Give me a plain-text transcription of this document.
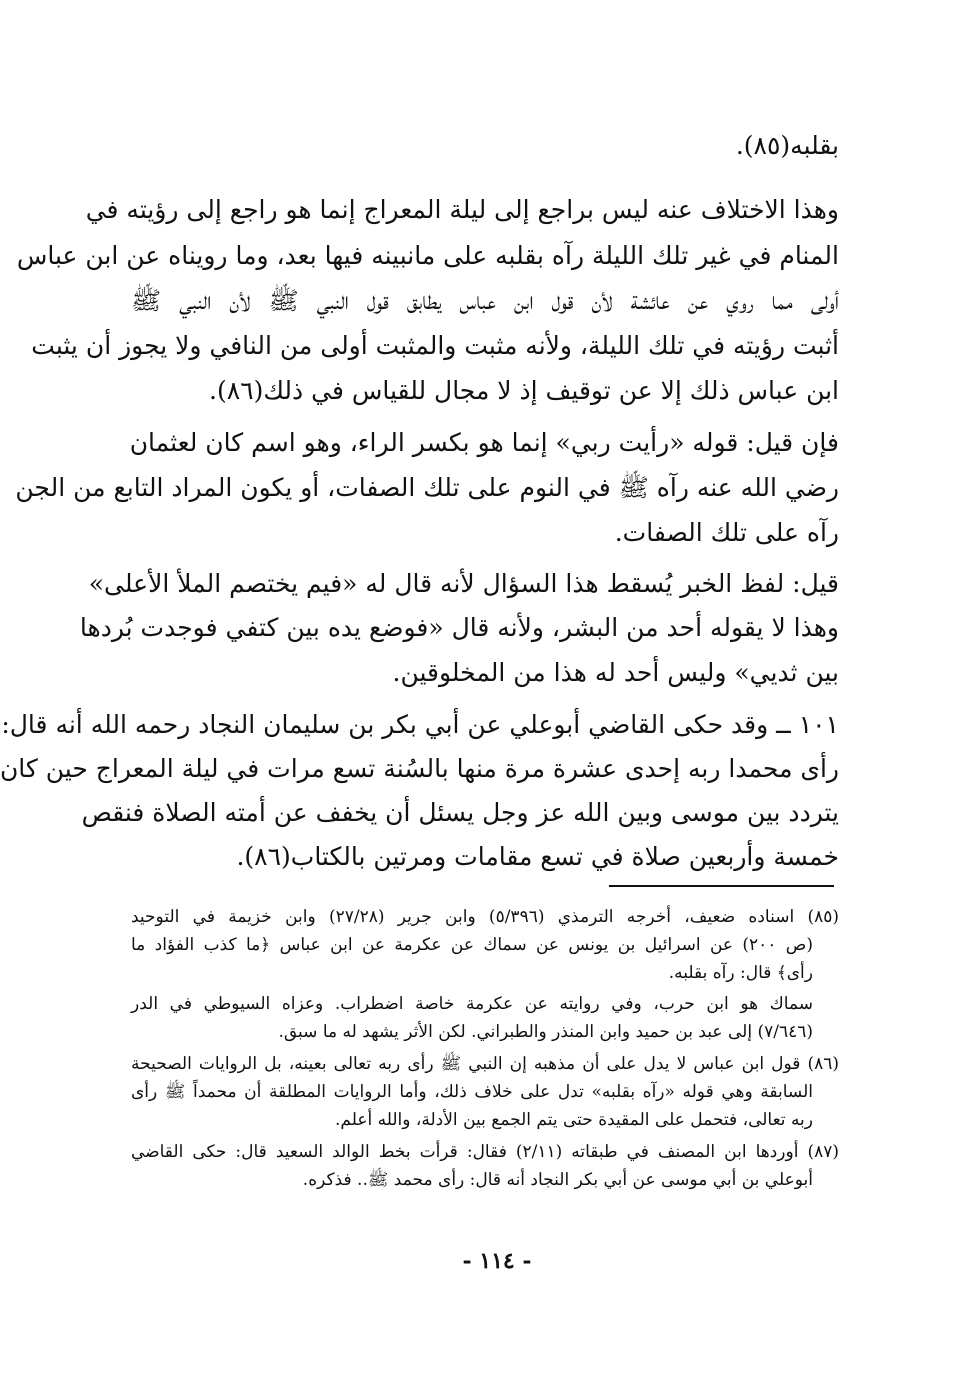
بقلبه(٨٥).
وهذا الاختلاف عنه ليس براجع إلى ليلة المعراج إنما هو راجع إلى رؤيته في
المنام في غير تلك الليلة رآه بقلبه على مانبينه فيها بعد، وما رويناه عن ابن عباس
أولى مما روي عن عائشة لأن قول ابن عباس يطابق قول النبي ﷺ لأن النبي ﷺ
أثبت رؤيته في تلك الليلة، ولأنه مثبت والمثبت أولى من النافي ولا يجوز أن يثبت
ابن عباس ذلك إلا عن توقيف إذ لا مجال للقياس في ذلك(٨٦).
فإن قيل: قوله «رأيت ربي» إنما هو بكسر الراء، وهو اسم كان لعثمان
رضي الله عنه رآه ﷺ في النوم على تلك الصفات، أو يكون المراد التابع من الجن
رآه على تلك الصفات.
قيل: لفظ الخبر يُسقط هذا السؤال لأنه قال له «فيم يختصم الملأ الأعلى»
وهذا لا يقوله أحد من البشر، ولأنه قال «فوضع يده بين كتفي فوجدت بُردها
بين ثديي» وليس أحد له هذا من المخلوقين.
١٠١ ــ وقد حكى القاضي أبوعلي عن أبي بكر بن سليمان النجاد رحمه الله أنه قال:
رأى محمدا ربه إحدى عشرة مرة منها بالسُنة تسع مرات في ليلة المعراج حين كان
يتردد بين موسى وبين الله عز وجل يسئل أن يخفف عن أمته الصلاة فنقص
خمسة وأربعين صلاة في تسع مقامات ومرتين بالكتاب(٨٦).
(٨٥) اسناده ضعيف، أخرجه الترمذي (٥/٣٩٦) وابن جرير (٢٧/٢٨) وابن خزيمة في التوحيد
(ص ٢٠٠) عن اسرائيل بن يونس عن سماك عن عكرمة عن ابن عباس ﴿ما كذب الفؤاد ما
رأى﴾ قال: رآه بقلبه.
سماك هو ابن حرب، وفي روايته عن عكرمة خاصة اضطراب. وعزاه السيوطي في الدر
(٧/٦٤٦) إلى عبد بن حميد وابن المنذر والطبراني. لكن الأثر يشهد له ما سبق.
(٨٦) قول ابن عباس لا يدل على أن مذهبه إن النبي ﷺ رأى ربه تعالى بعينه، بل الروايات الصحيحة
السابقة وهي قوله «رآه بقلبه» تدل على خلاف ذلك، وأما الروايات المطلقة أن محمداً ﷺ رأى
ربه تعالى، فتحمل على المقيدة حتى يتم الجمع بين الأدلة، والله أعلم.
(٨٧) أوردها ابن المصنف في طبقاته (٢/١١) فقال: قرأت بخط الوالد السعيد قال: حكى القاضي
أبوعلي بن أبي موسى عن أبي بكر النجاد أنه قال: رأى محمد ﷺ.. فذكره.
- ١١٤ -
